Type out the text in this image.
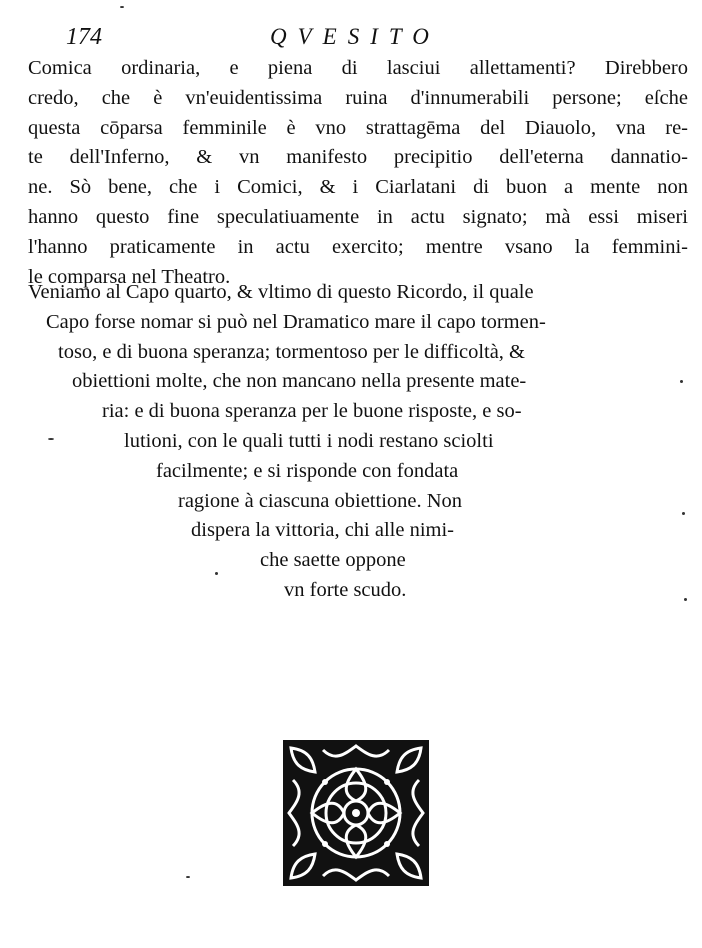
174	QVESITO
Comica ordinaria, e piena di lasciui allettamenti? Direbbero
credo, che è vn'euidentissima ruina d'innumerabili persone; eſche
questa cōparsa femminile è vno strattagēma del Diauolo, vna re-
te dell'Inferno, & vn manifesto precipitio dell'eterna dannatio-
ne. Sò bene, che i Comici, & i Ciarlatani di buon a mente non
hanno questo fine speculatiuamente in actu signato; mà essi miseri
l'hanno praticamente in actu exercito; mentre vsano la femmini-
le comparsa nel Theatro.
Veniamo al Capo quarto, & vltimo di questo Ricordo, il quale
Capo forse nomar si può nel Dramatico mare il capo tormen-
toso, e di buona speranza; tormentoso per le difficoltà, &
obiettioni molte, che non mancano nella presente mate-
ria: e di buona speranza per le buone risposte, e so-
lutioni, con le quali tutti i nodi restano sciolti
facilmente; e si risponde con fondata
ragione à ciascuna obiettione. Non
dispera la vittoria, chi alle nimi-
che saette oppone
vn forte scudo.
